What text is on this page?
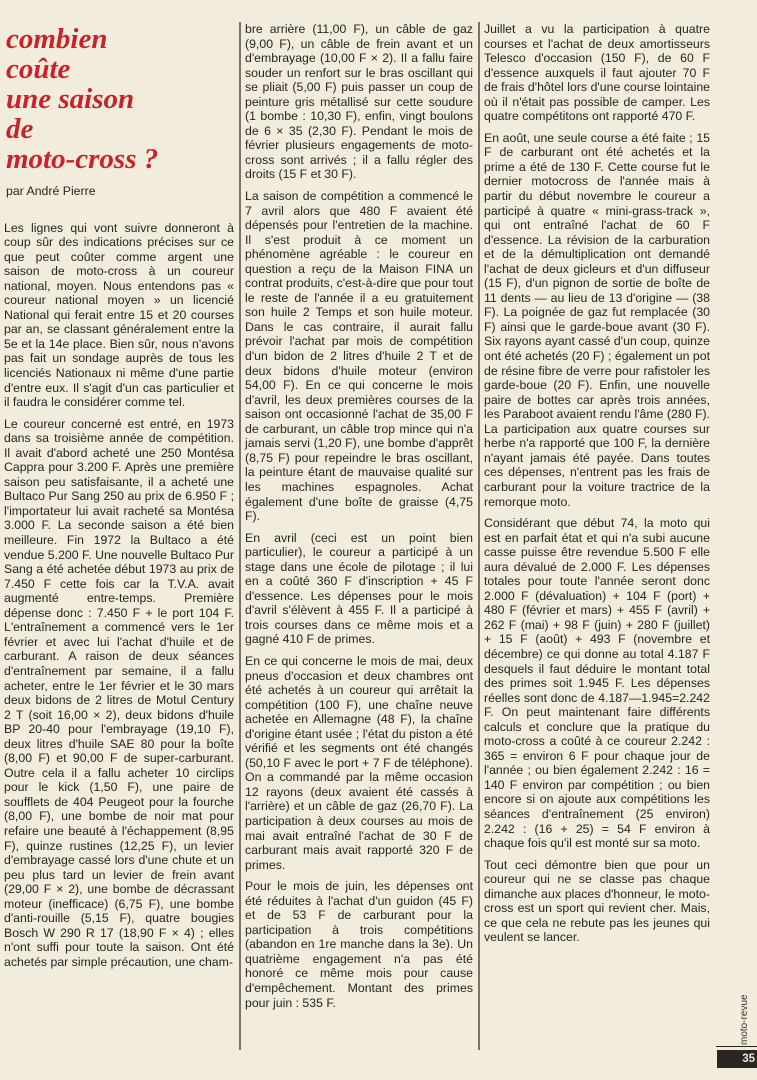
combien
coûte
une saison
de
moto-cross ?
par André Pierre

Les lignes qui vont suivre donneront à coup sûr des indications précises sur ce que peut coûter comme argent une saison de moto-cross à un coureur national, moyen. Nous entendons pas « coureur national moyen » un licencié National qui ferait entre 15 et 20 courses par an, se classant généralement entre la 5e et la 14e place. Bien sûr, nous n'avons pas fait un sondage auprès de tous les licenciés Nationaux ni même d'une partie d'entre eux. Il s'agit d'un cas particulier et il faudra le considérer comme tel.

Le coureur concerné est entré, en 1973 dans sa troisième année de compétition. Il avait d'abord acheté une 250 Montésa Cappra pour 3.200 F. Après une première saison peu satisfaisante, il a acheté une Bultaco Pur Sang 250 au prix de 6.950 F ; l'importateur lui avait racheté sa Montésa 3.000 F. La seconde saison a été bien meilleure. Fin 1972 la Bultaco a été vendue 5.200 F. Une nouvelle Bultaco Pur Sang a été achetée début 1973 au prix de 7.450 F cette fois car la T.V.A. avait augmenté entre-temps. Première dépense donc : 7.450 F + le port 104 F. L'entraînement a commencé vers le 1er février et avec lui l'achat d'huile et de carburant. A raison de deux séances d'entraînement par semaine, il a fallu acheter, entre le 1er février et le 30 mars deux bidons de 2 litres de Motul Century 2 T (soit 16,00 × 2), deux bidons d'huile BP 20-40 pour l'embrayage (19,10 F), deux litres d'huile SAE 80 pour la boîte (8,00 F) et 90,00 F de super-carburant. Outre cela il a fallu acheter 10 circlips pour le kick (1,50 F), une paire de soufflets de 404 Peugeot pour la fourche (8,00 F), une bombe de noir mat pour refaire une beauté à l'échappement (8,95 F), quinze rustines (12,25 F), un levier d'embrayage cassé lors d'une chute et un peu plus tard un levier de frein avant (29,00 F × 2), une bombe de décrassant moteur (inefficace) (6,75 F), une bombe d'anti-rouille (5,15 F), quatre bougies Bosch W 290 R 17 (18,90 F × 4) ; elles n'ont suffi pour toute la saison. Ont été achetés par simple précaution, une cham-

bre arrière (11,00 F), un câble de gaz (9,00 F), un câble de frein avant et un d'embrayage (10,00 F × 2). Il a fallu faire souder un renfort sur le bras oscillant qui se pliait (5,00 F) puis passer un coup de peinture gris métallisé sur cette soudure (1 bombe : 10,30 F), enfin, vingt boulons de 6 × 35 (2,30 F). Pendant le mois de février plusieurs engagements de moto-cross sont arrivés ; il a fallu régler des droits (15 F et 30 F).

La saison de compétition a commencé le 7 avril alors que 480 F avaient été dépensés pour l'entretien de la machine. Il s'est produit à ce moment un phénomène agréable : le coureur en question a reçu de la Maison FINA un contrat produits, c'est-à-dire que pour tout le reste de l'année il a eu gratuitement son huile 2 Temps et son huile moteur. Dans le cas contraire, il aurait fallu prévoir l'achat par mois de compétition d'un bidon de 2 litres d'huile 2 T et de deux bidons d'huile moteur (environ 54,00 F). En ce qui concerne le mois d'avril, les deux premières courses de la saison ont occasionné l'achat de 35,00 F de carburant, un câble trop mince qui n'a jamais servi (1,20 F), une bombe d'apprêt (8,75 F) pour repeindre le bras oscillant, la peinture étant de mauvaise qualité sur les machines espagnoles. Achat également d'une boîte de graisse (4,75 F).

En avril (ceci est un point bien particulier), le coureur a participé à un stage dans une école de pilotage ; il lui en a coûté 360 F d'inscription + 45 F d'essence. Les dépenses pour le mois d'avril s'élèvent à 455 F. Il a participé à trois courses dans ce même mois et a gagné 410 F de primes.

En ce qui concerne le mois de mai, deux pneus d'occasion et deux chambres ont été achetés à un coureur qui arrêtait la compétition (100 F), une chaîne neuve achetée en Allemagne (48 F), la chaîne d'origine étant usée ; l'état du piston a été vérifié et les segments ont été changés (50,10 F avec le port + 7 F de téléphone). On a commandé par la même occasion 12 rayons (deux avaient été cassés à l'arrière) et un câble de gaz (26,70 F). La participation à deux courses au mois de mai avait entraîné l'achat de 30 F de carburant mais avait rapporté 320 F de primes.

Pour le mois de juin, les dépenses ont été réduites à l'achat d'un guidon (45 F) et de 53 F de carburant pour la participation à trois compétitions (abandon en 1re manche dans la 3e). Un quatrième engagement n'a pas été honoré ce même mois pour cause d'empêchement. Montant des primes pour juin : 535 F.

Juillet a vu la participation à quatre courses et l'achat de deux amortisseurs Telesco d'occasion (150 F), de 60 F d'essence auxquels il faut ajouter 70 F de frais d'hôtel lors d'une course lointaine où il n'était pas possible de camper. Les quatre compétitons ont rapporté 470 F.

En août, une seule course a été faite ; 15 F de carburant ont été achetés et la prime a été de 130 F. Cette course fut le dernier motocross de l'année mais à partir du début novembre le coureur a participé à quatre « mini-grass-track », qui ont entraîné l'achat de 60 F d'essence. La révision de la carburation et de la démultiplication ont demandé l'achat de deux gicleurs et d'un diffuseur (15 F), d'un pignon de sortie de boîte de 11 dents — au lieu de 13 d'origine — (38 F). La poignée de gaz fut remplacée (30 F) ainsi que le garde-boue avant (30 F). Six rayons ayant cassé d'un coup, quinze ont été achetés (20 F) ; également un pot de résine fibre de verre pour rafistoler les garde-boue (20 F). Enfin, une nouvelle paire de bottes car après trois années, les Paraboot avaient rendu l'âme (280 F). La participation aux quatre courses sur herbe n'a rapporté que 100 F, la dernière n'ayant jamais été payée. Dans toutes ces dépenses, n'entrent pas les frais de carburant pour la voiture tractrice de la remorque moto.

Considérant que début 74, la moto qui est en parfait état et qui n'a subi aucune casse puisse être revendue 5.500 F elle aura dévalué de 2.000 F. Les dépenses totales pour toute l'année seront donc 2.000 F (dévaluation) + 104 F (port) + 480 F (février et mars) + 455 F (avril) + 262 F (mai) + 98 F (juin) + 280 F (juillet) + 15 F (août) + 493 F (novembre et décembre) ce qui donne au total 4.187 F desquels il faut déduire le montant total des primes soit 1.945 F. Les dépenses réelles sont donc de 4.187—1.945=2.242 F. On peut maintenant faire différents calculs et conclure que la pratique du moto-cross a coûté à ce coureur 2.242 : 365 = environ 6 F pour chaque jour de l'année ; ou bien également 2.242 : 16 = 140 F environ par compétition ; ou bien encore si on ajoute aux compétitions les séances d'entraînement (25 environ) 2.242 : (16 + 25) = 54 F environ à chaque fois qu'il est monté sur sa moto.

Tout ceci démontre bien que pour un coureur qui ne se classe pas chaque dimanche aux places d'honneur, le moto-cross est un sport qui revient cher. Mais, ce que cela ne rebute pas les jeunes qui veulent se lancer.

moto-revue
35
